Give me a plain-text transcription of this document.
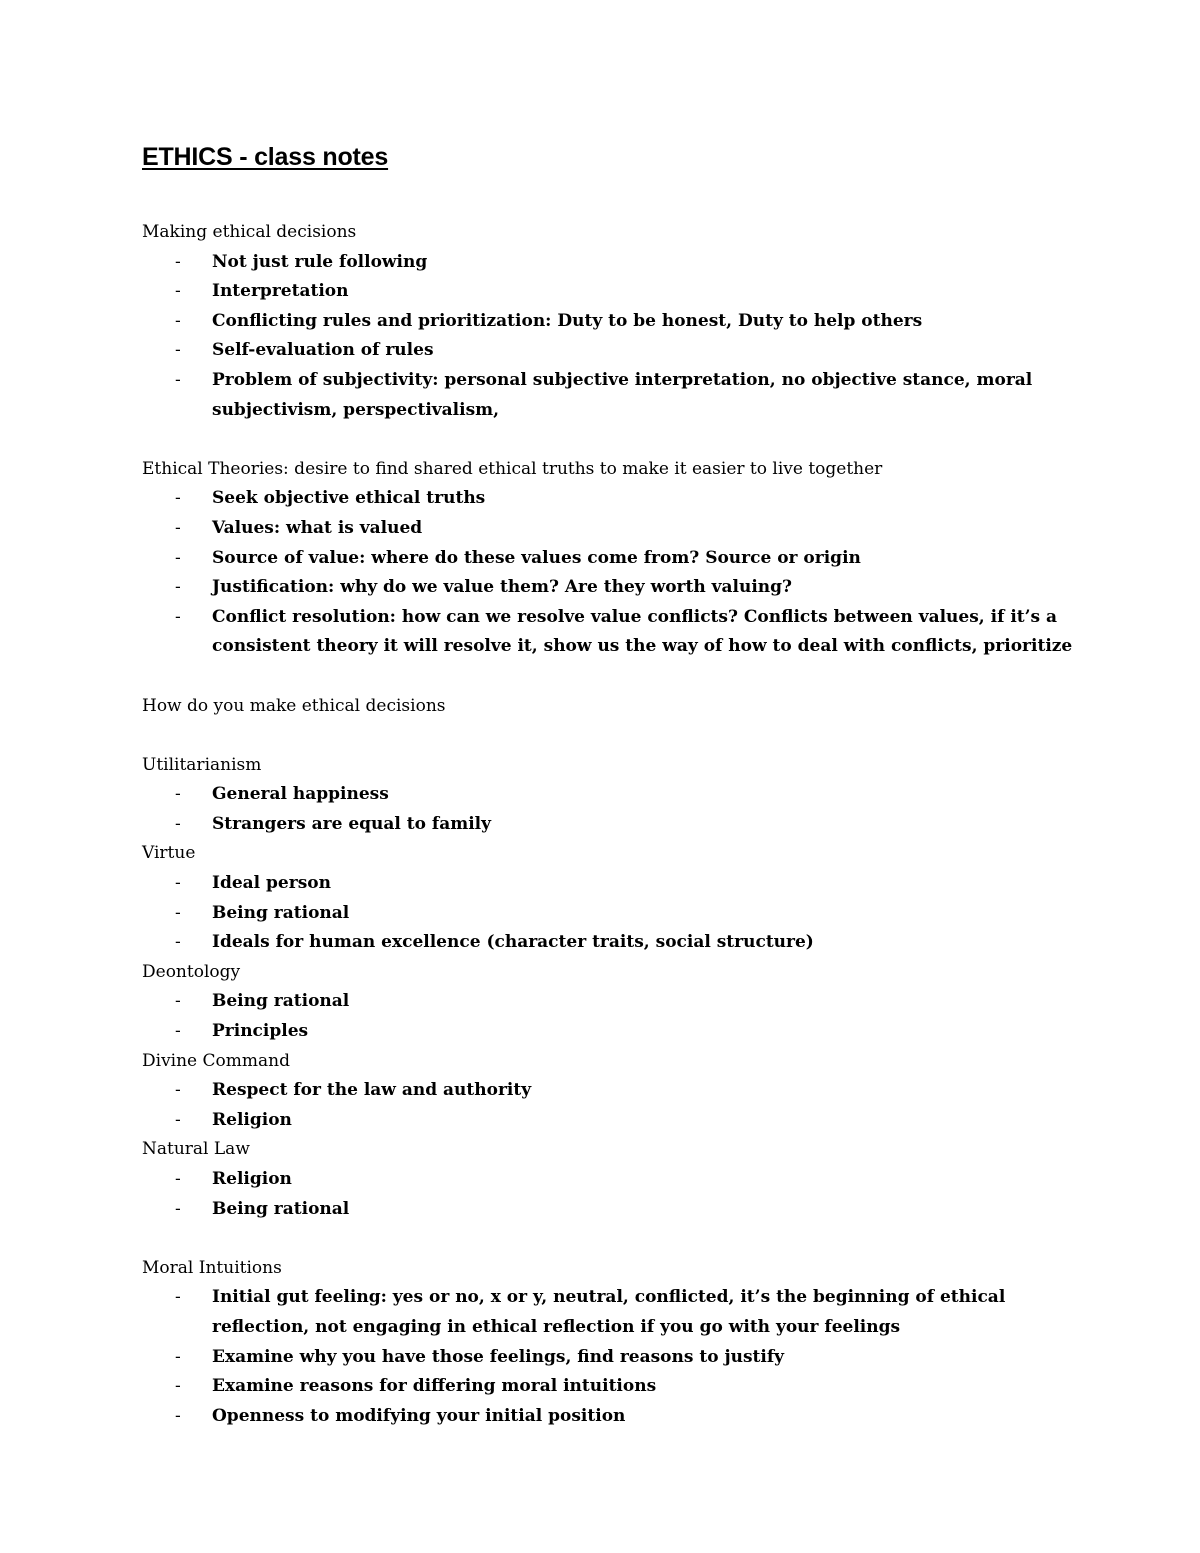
ETHICS - class notes
Making ethical decisions
- Not just rule following
- Interpretation
- Conflicting rules and prioritization: Duty to be honest, Duty to help others
- Self-evaluation of rules
- Problem of subjectivity: personal subjective interpretation, no objective stance, moral subjectivism, perspectivalism,
Ethical Theories: desire to find shared ethical truths to make it easier to live together
- Seek objective ethical truths
- Values: what is valued
- Source of value: where do these values come from? Source or origin
- Justification: why do we value them? Are they worth valuing?
- Conflict resolution: how can we resolve value conflicts? Conflicts between values, if it’s a consistent theory it will resolve it, show us the way of how to deal with conflicts, prioritize
How do you make ethical decisions
Utilitarianism
- General happiness
- Strangers are equal to family
Virtue
- Ideal person
- Being rational
- Ideals for human excellence (character traits, social structure)
Deontology
- Being rational
- Principles
Divine Command
- Respect for the law and authority
- Religion
Natural Law
- Religion
- Being rational
Moral Intuitions
- Initial gut feeling: yes or no, x or y, neutral, conflicted, it’s the beginning of ethical reflection, not engaging in ethical reflection if you go with your feelings
- Examine why you have those feelings, find reasons to justify
- Examine reasons for differing moral intuitions
- Openness to modifying your initial position
